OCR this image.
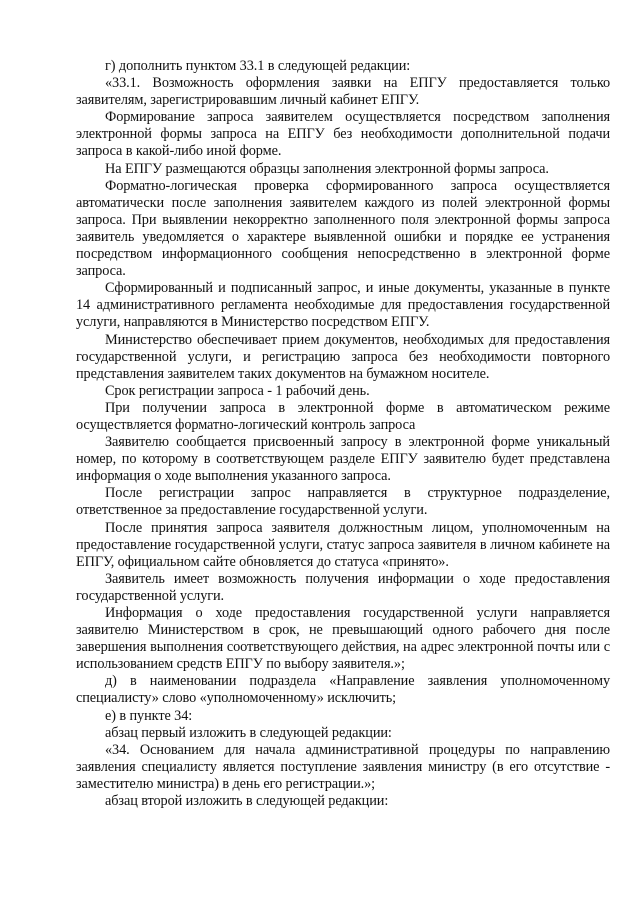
г) дополнить пунктом 33.1 в следующей редакции:

«33.1. Возможность оформления заявки на ЕПГУ предоставляется только заявителям, зарегистрировавшим личный кабинет ЕПГУ.

Формирование запроса заявителем осуществляется посредством заполнения электронной формы запроса на ЕПГУ без необходимости дополнительной подачи запроса в какой-либо иной форме.

На ЕПГУ размещаются образцы заполнения электронной формы запроса.

Форматно-логическая проверка сформированного запроса осуществляется автоматически после заполнения заявителем каждого из полей электронной формы запроса. При выявлении некорректно заполненного поля электронной формы запроса заявитель уведомляется о характере выявленной ошибки и порядке ее устранения посредством информационного сообщения непосредственно в электронной форме запроса.

Сформированный и подписанный запрос, и иные документы, указанные в пункте 14 административного регламента необходимые для предоставления государственной услуги, направляются в Министерство посредством ЕПГУ.

Министерство обеспечивает прием документов, необходимых для предоставления государственной услуги, и регистрацию запроса без необходимости повторного представления заявителем таких документов на бумажном носителе.

Срок регистрации запроса - 1 рабочий день.

При получении запроса в электронной форме в автоматическом режиме осуществляется форматно-логический контроль запроса

Заявителю сообщается присвоенный запросу в электронной форме уникальный номер, по которому в соответствующем разделе ЕПГУ заявителю будет представлена информация о ходе выполнения указанного запроса.

После регистрации запрос направляется в структурное подразделение, ответственное за предоставление государственной услуги.

После принятия запроса заявителя должностным лицом, уполномоченным на предоставление государственной услуги, статус запроса заявителя в личном кабинете на ЕПГУ, официальном сайте обновляется до статуса «принято».

Заявитель имеет возможность получения информации о ходе предоставления государственной услуги.

Информация о ходе предоставления государственной услуги направляется заявителю Министерством в срок, не превышающий одного рабочего дня после завершения выполнения соответствующего действия, на адрес электронной почты или с использованием средств ЕПГУ по выбору заявителя.»;

д) в наименовании подраздела «Направление заявления уполномоченному специалисту» слово «уполномоченному» исключить;

е) в пункте 34:

абзац первый изложить в следующей редакции:

«34. Основанием для начала административной процедуры по направлению заявления специалисту является поступление заявления министру (в его отсутствие - заместителю министра) в день его регистрации.»;

абзац второй изложить в следующей редакции:
